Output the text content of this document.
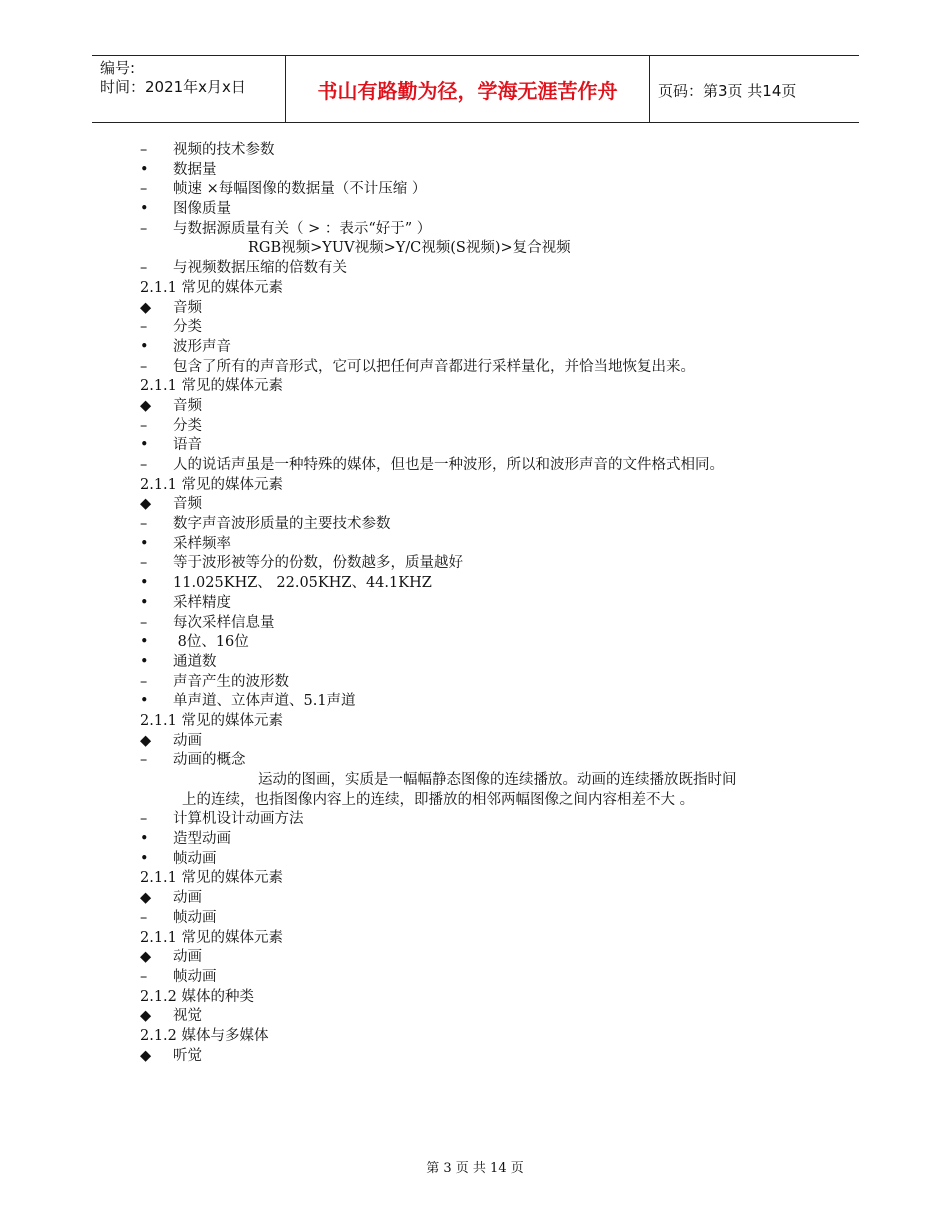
编号:
时间：2021年x月x日	书山有路勤为径，学海无涯苦作舟	页码：第3页 共14页
– 视频的技术参数
• 数据量
– 帧速 ×每幅图像的数据量（不计压缩 ）
• 图像质量
– 与数据源质量有关（ > ：表示“好于” ）
RGB视频>YUV视频>Y/C视频(S视频)>复合视频
– 与视频数据压缩的倍数有关
2.1.1 常见的媒体元素
◆ 音频
– 分类
• 波形声音
– 包含了所有的声音形式，它可以把任何声音都进行采样量化，并恰当地恢复出来。
2.1.1 常见的媒体元素
◆ 音频
– 分类
• 语音
– 人的说话声虽是一种特殊的媒体，但也是一种波形，所以和波形声音的文件格式相同。
2.1.1 常见的媒体元素
◆ 音频
– 数字声音波形质量的主要技术参数
• 采样频率
– 等于波形被等分的份数，份数越多，质量越好
• 11.025KHZ、 22.05KHZ、44.1KHZ
• 采样精度
– 每次采样信息量
• 8位、16位
• 通道数
– 声音产生的波形数
• 单声道、立体声道、5.1声道
2.1.1 常见的媒体元素
◆ 动画
– 动画的概念
运动的图画，实质是一幅幅静态图像的连续播放。动画的连续播放既指时间
上的连续，也指图像内容上的连续，即播放的相邻两幅图像之间内容相差不大 。
– 计算机设计动画方法
• 造型动画
• 帧动画
2.1.1 常见的媒体元素
◆ 动画
– 帧动画
2.1.1 常见的媒体元素
◆ 动画
– 帧动画
2.1.2 媒体的种类
◆ 视觉
2.1.2 媒体与多媒体
◆ 听觉
第 3 页 共 14 页
